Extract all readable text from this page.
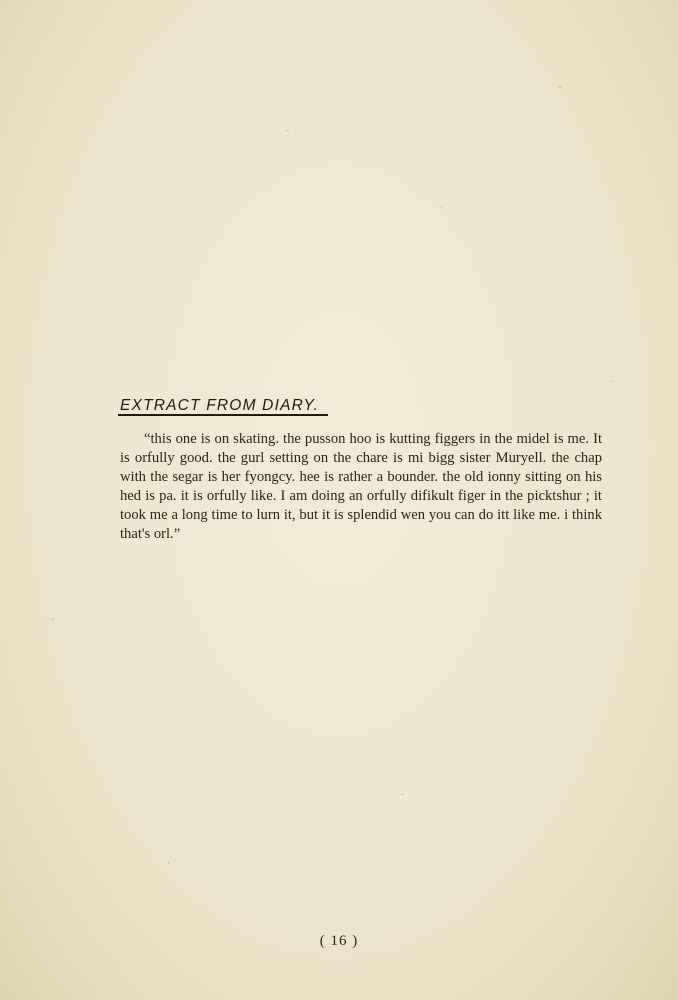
EXTRACT FROM DIARY.

“this one is on skating. the pusson hoo is kutting figgers in the midel is me. It is orfully good. the gurl setting on the chare is mi bigg sister Muryell. the chap with the segar is her fyongcy. hee is rather a bounder. the old ionny sitting on his hed is pa. it is orfully like. I am doing an orfully difikult figer in the picktshur ; it took me a long time to lurn it, but it is splendid wen you can do itt like me. i think that's orl.”

( 16 )
